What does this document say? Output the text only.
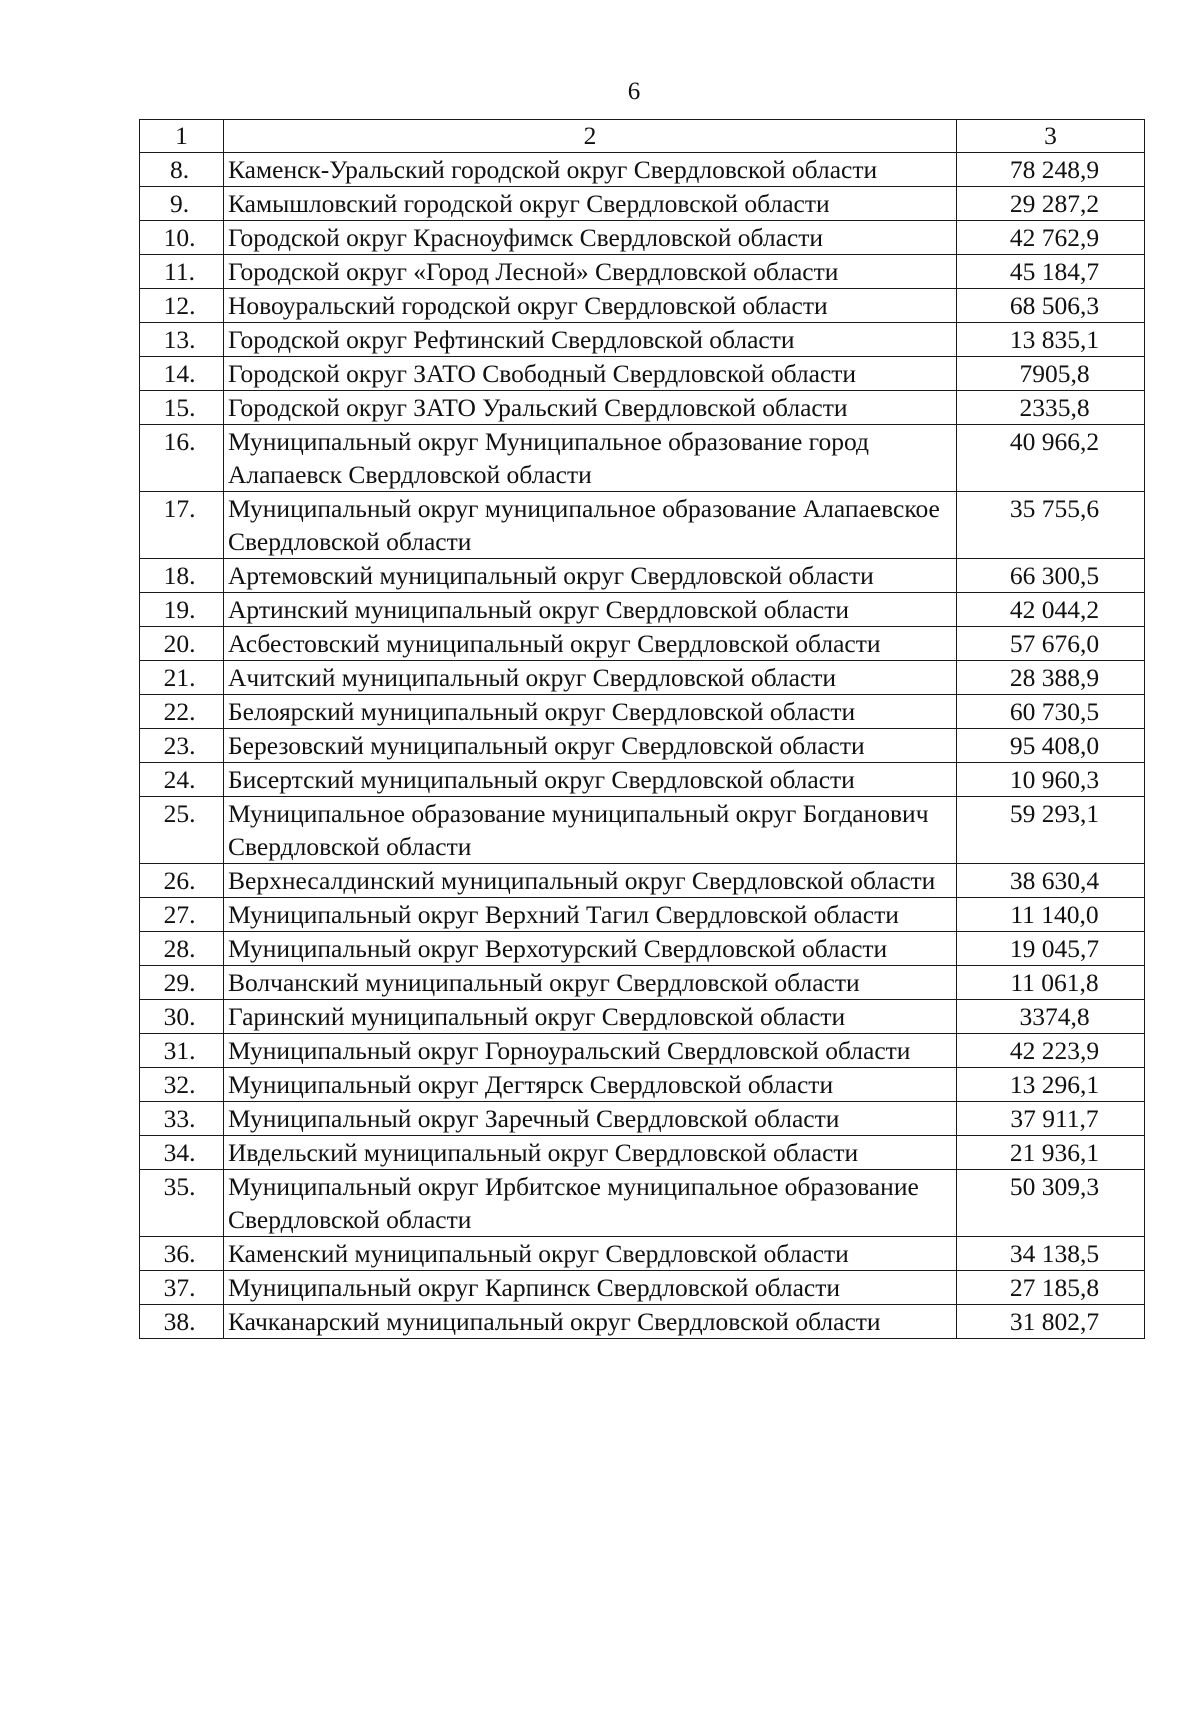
6
1	2	3
8.	Каменск-Уральский городской округ Свердловской области	78 248,9
9.	Камышловский городской округ Свердловской области	29 287,2
10.	Городской округ Красноуфимск Свердловской области	42 762,9
11.	Городской округ «Город Лесной» Свердловской области	45 184,7
12.	Новоуральский городской округ Свердловской области	68 506,3
13.	Городской округ Рефтинский Свердловской области	13 835,1
14.	Городской округ ЗАТО Свободный Свердловской области	7905,8
15.	Городской округ ЗАТО Уральский Свердловской области	2335,8
16.	Муниципальный округ Муниципальное образование город Алапаевск Свердловской области	40 966,2
17.	Муниципальный округ муниципальное образование Алапаевское Свердловской области	35 755,6
18.	Артемовский муниципальный округ Свердловской области	66 300,5
19.	Артинский муниципальный округ Свердловской области	42 044,2
20.	Асбестовский муниципальный округ Свердловской области	57 676,0
21.	Ачитский муниципальный округ Свердловской области	28 388,9
22.	Белоярский муниципальный округ Свердловской области	60 730,5
23.	Березовский муниципальный округ Свердловской области	95 408,0
24.	Бисертский муниципальный округ Свердловской области	10 960,3
25.	Муниципальное образование муниципальный округ Богданович Свердловской области	59 293,1
26.	Верхнесалдинский муниципальный округ Свердловской области	38 630,4
27.	Муниципальный округ Верхний Тагил Свердловской области	11 140,0
28.	Муниципальный округ Верхотурский Свердловской области	19 045,7
29.	Волчанский муниципальный округ Свердловской области	11 061,8
30.	Гаринский муниципальный округ Свердловской области	3374,8
31.	Муниципальный округ Горноуральский Свердловской области	42 223,9
32.	Муниципальный округ Дегтярск Свердловской области	13 296,1
33.	Муниципальный округ Заречный Свердловской области	37 911,7
34.	Ивдельский муниципальный округ Свердловской области	21 936,1
35.	Муниципальный округ Ирбитское муниципальное образование Свердловской области	50 309,3
36.	Каменский муниципальный округ Свердловской области	34 138,5
37.	Муниципальный округ Карпинск Свердловской области	27 185,8
38.	Качканарский муниципальный округ Свердловской области	31 802,7
